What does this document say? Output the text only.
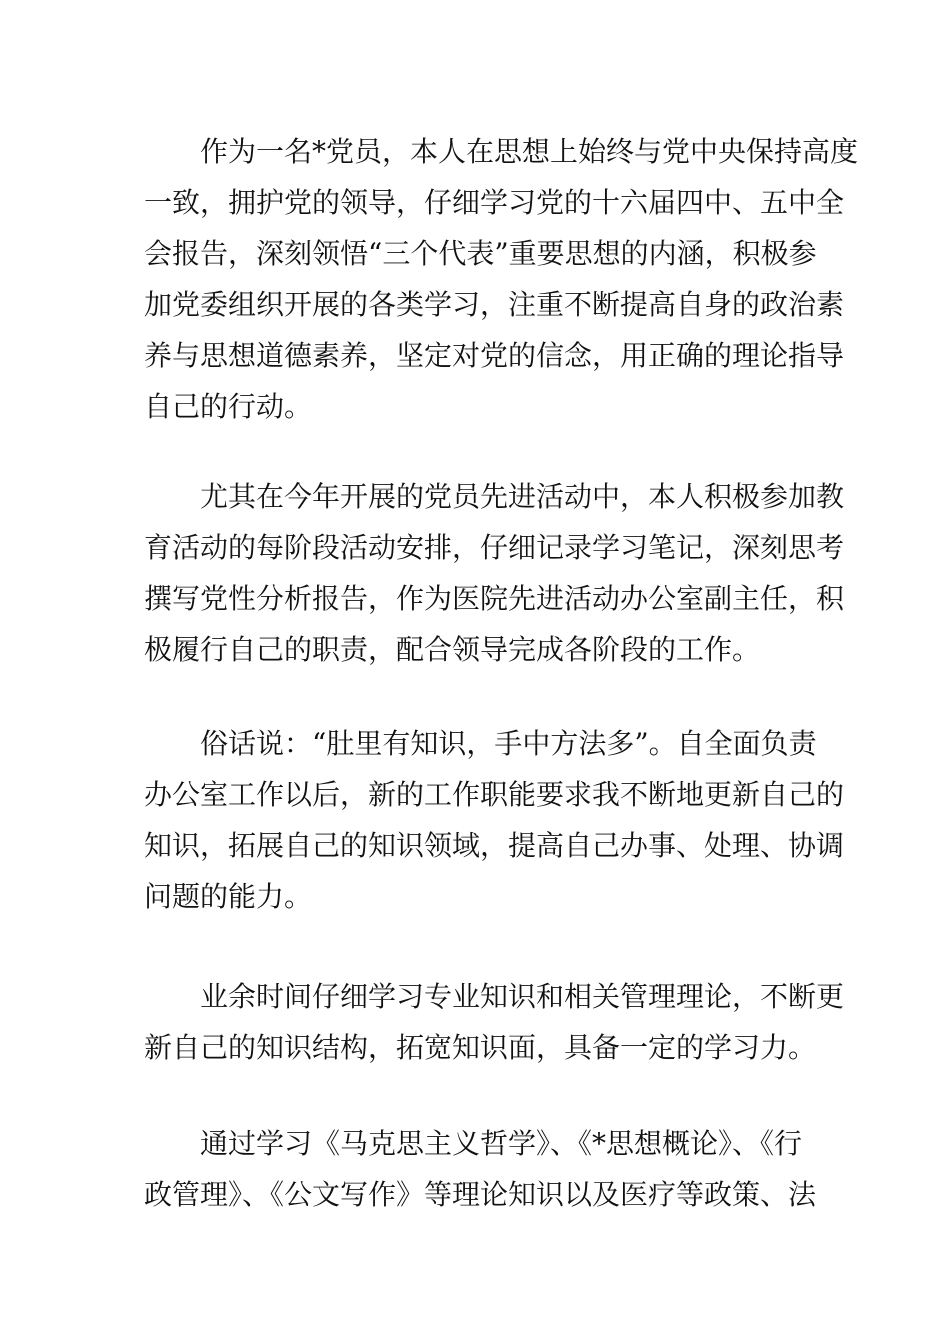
作为一名*党员，本人在思想上始终与党中央保持高度
一致，拥护党的领导，仔细学习党的十六届四中、五中全
会报告，深刻领悟“三个代表”重要思想的内涵，积极参
加党委组织开展的各类学习，注重不断提高自身的政治素
养与思想道德素养，坚定对党的信念，用正确的理论指导
自己的行动。
尤其在今年开展的党员先进活动中，本人积极参加教
育活动的每阶段活动安排，仔细记录学习笔记，深刻思考
撰写党性分析报告，作为医院先进活动办公室副主任，积
极履行自己的职责，配合领导完成各阶段的工作。
俗话说：“肚里有知识，手中方法多”。自全面负责
办公室工作以后，新的工作职能要求我不断地更新自己的
知识，拓展自己的知识领域，提高自己办事、处理、协调
问题的能力。
业余时间仔细学习专业知识和相关管理理论，不断更
新自己的知识结构，拓宽知识面，具备一定的学习力。
通过学习《马克思主义哲学》、《*思想概论》、《行
政管理》、《公文写作》等理论知识以及医疗等政策、法
